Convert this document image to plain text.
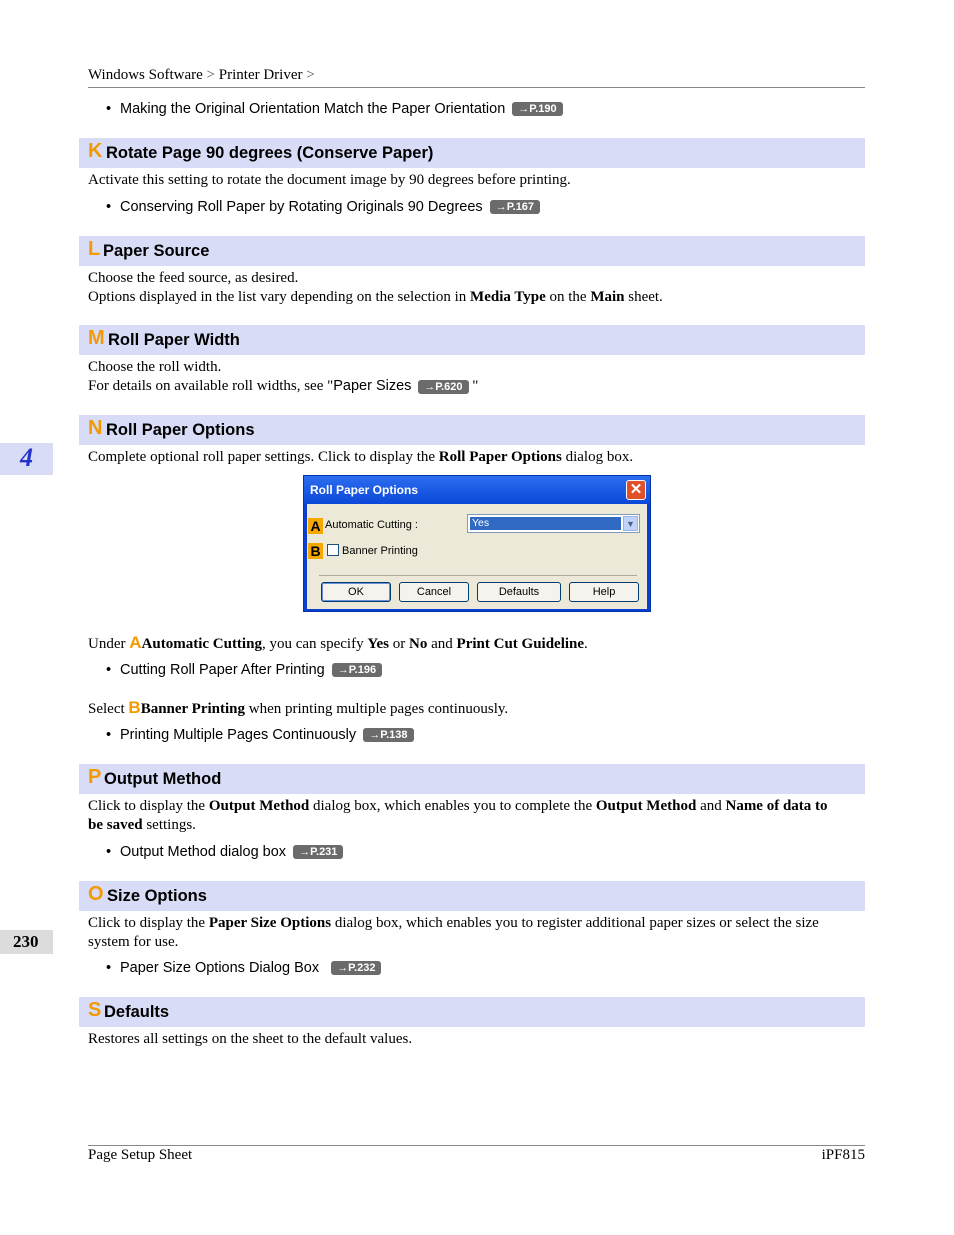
Windows Software > Printer Driver >
• Making the Original Orientation Match the Paper Orientation →P.190
K Rotate Page 90 degrees (Conserve Paper)
Activate this setting to rotate the document image by 90 degrees before printing.
• Conserving Roll Paper by Rotating Originals 90 Degrees →P.167
L Paper Source
Choose the feed source, as desired.
Options displayed in the list vary depending on the selection in Media Type on the Main sheet.
M Roll Paper Width
Choose the roll width.
For details on available roll widths, see "Paper Sizes →P.620 "
N Roll Paper Options
Complete optional roll paper settings. Click to display the Roll Paper Options dialog box.
Roll Paper Options	✕
A Automatic Cutting :	Yes	▼
B Banner Printing
OK	Cancel	Defaults	Help
Under AAutomatic Cutting, you can specify Yes or No and Print Cut Guideline.
• Cutting Roll Paper After Printing →P.196
Select BBanner Printing when printing multiple pages continuously.
• Printing Multiple Pages Continuously →P.138
P Output Method
Click to display the Output Method dialog box, which enables you to complete the Output Method and Name of data to
be saved settings.
• Output Method dialog box →P.231
O Size Options
Click to display the Paper Size Options dialog box, which enables you to register additional paper sizes or select the size
system for use.
• Paper Size Options Dialog Box →P.232
S Defaults
Restores all settings on the sheet to the default values.
4
230
Page Setup Sheet	iPF815
